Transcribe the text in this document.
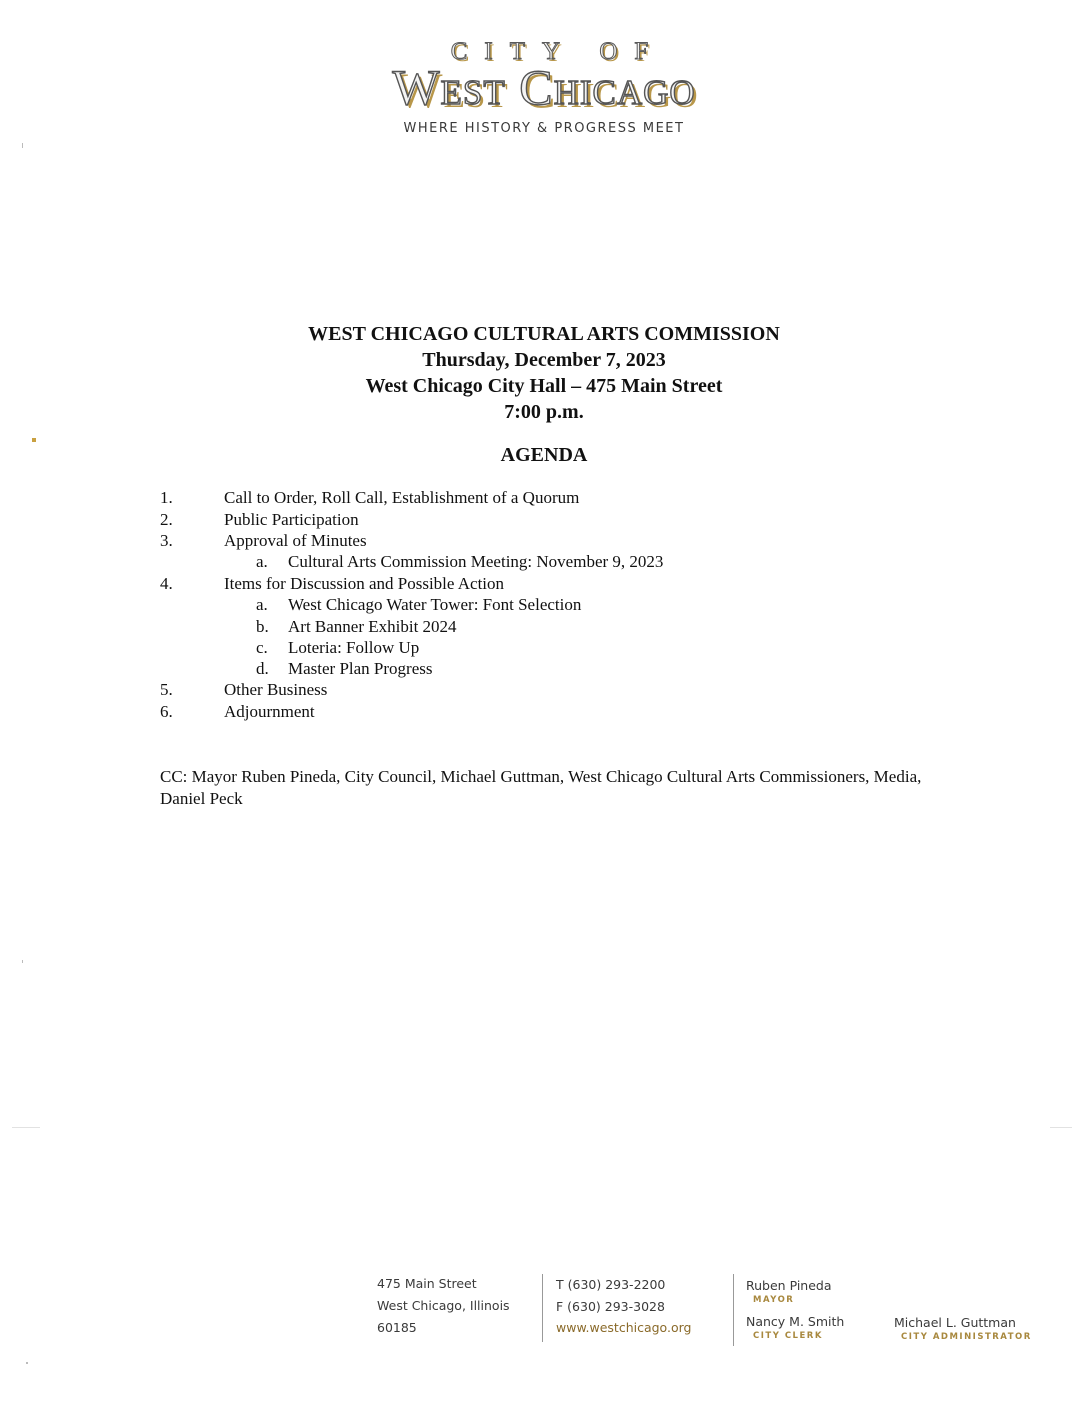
CITY OF
West Chicago
WHERE HISTORY & PROGRESS MEET
WEST CHICAGO CULTURAL ARTS COMMISSION
Thursday, December 7, 2023
West Chicago City Hall – 475 Main Street
7:00 p.m.
AGENDA
1.	Call to Order, Roll Call, Establishment of a Quorum
2.	Public Participation
3.	Approval of Minutes
a. Cultural Arts Commission Meeting: November 9, 2023
4.	Items for Discussion and Possible Action
a. West Chicago Water Tower: Font Selection
b. Art Banner Exhibit 2024
c. Loteria: Follow Up
d. Master Plan Progress
5.	Other Business
6.	Adjournment
CC: Mayor Ruben Pineda, City Council, Michael Guttman, West Chicago Cultural Arts Commissioners, Media, Daniel Peck
475 Main Street
West Chicago, Illinois
60185
T (630) 293-2200
F (630) 293-3028
www.westchicago.org
Ruben Pineda
MAYOR
Nancy M. Smith
CITY CLERK
Michael L. Guttman
CITY ADMINISTRATOR
